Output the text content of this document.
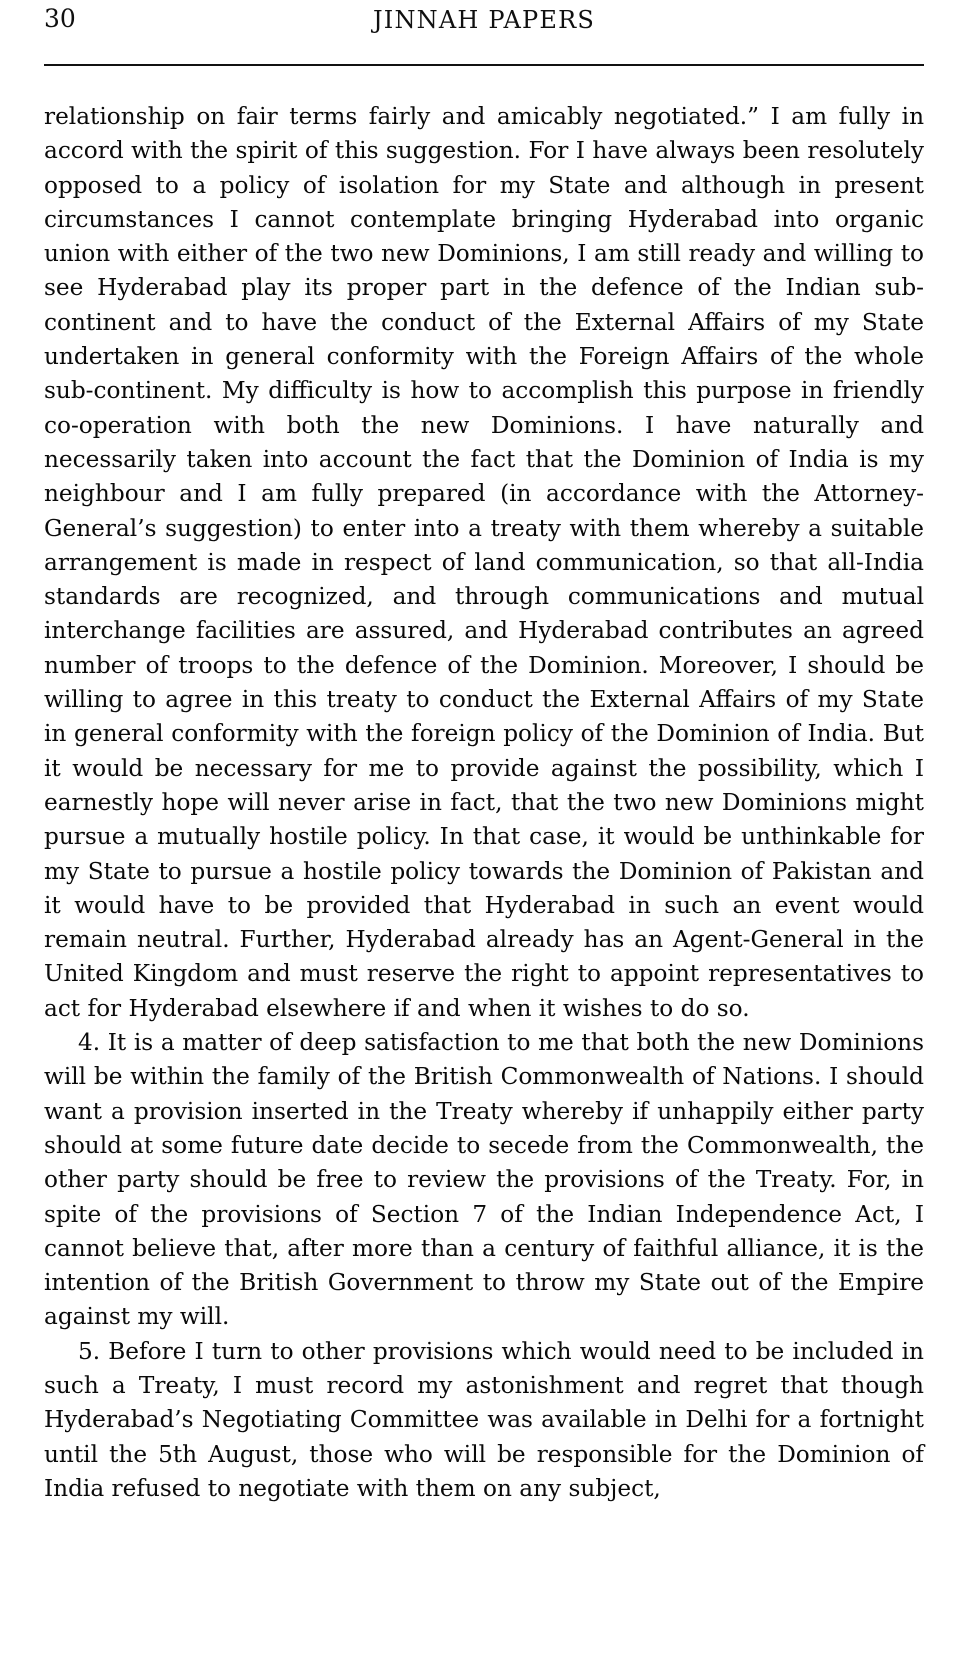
30	JINNAH PAPERS

relationship on fair terms fairly and amicably negotiated.” I am fully in accord with the spirit of this suggestion. For I have always been resolutely opposed to a policy of isolation for my State and although in present circumstances I cannot contemplate bringing Hyderabad into organic union with either of the two new Dominions, I am still ready and willing to see Hyderabad play its proper part in the defence of the Indian sub-continent and to have the conduct of the External Affairs of my State undertaken in general conformity with the Foreign Affairs of the whole sub-continent. My difficulty is how to accomplish this purpose in friendly co-operation with both the new Dominions. I have naturally and necessarily taken into account the fact that the Dominion of India is my neighbour and I am fully prepared (in accordance with the Attorney-General’s suggestion) to enter into a treaty with them whereby a suitable arrangement is made in respect of land communication, so that all-India standards are recognized, and through communications and mutual interchange facilities are assured, and Hyderabad contributes an agreed number of troops to the defence of the Dominion. Moreover, I should be willing to agree in this treaty to conduct the External Affairs of my State in general conformity with the foreign policy of the Dominion of India. But it would be necessary for me to provide against the possibility, which I earnestly hope will never arise in fact, that the two new Dominions might pursue a mutually hostile policy. In that case, it would be unthinkable for my State to pursue a hostile policy towards the Dominion of Pakistan and it would have to be provided that Hyderabad in such an event would remain neutral. Further, Hyderabad already has an Agent-General in the United Kingdom and must reserve the right to appoint representatives to act for Hyderabad elsewhere if and when it wishes to do so.

4. It is a matter of deep satisfaction to me that both the new Dominions will be within the family of the British Commonwealth of Nations. I should want a provision inserted in the Treaty whereby if unhappily either party should at some future date decide to secede from the Commonwealth, the other party should be free to review the provisions of the Treaty. For, in spite of the provisions of Section 7 of the Indian Independence Act, I cannot believe that, after more than a century of faithful alliance, it is the intention of the British Government to throw my State out of the Empire against my will.

5. Before I turn to other provisions which would need to be included in such a Treaty, I must record my astonishment and regret that though Hyderabad’s Negotiating Committee was available in Delhi for a fortnight until the 5th August, those who will be responsible for the Dominion of India refused to negotiate with them on any subject,
